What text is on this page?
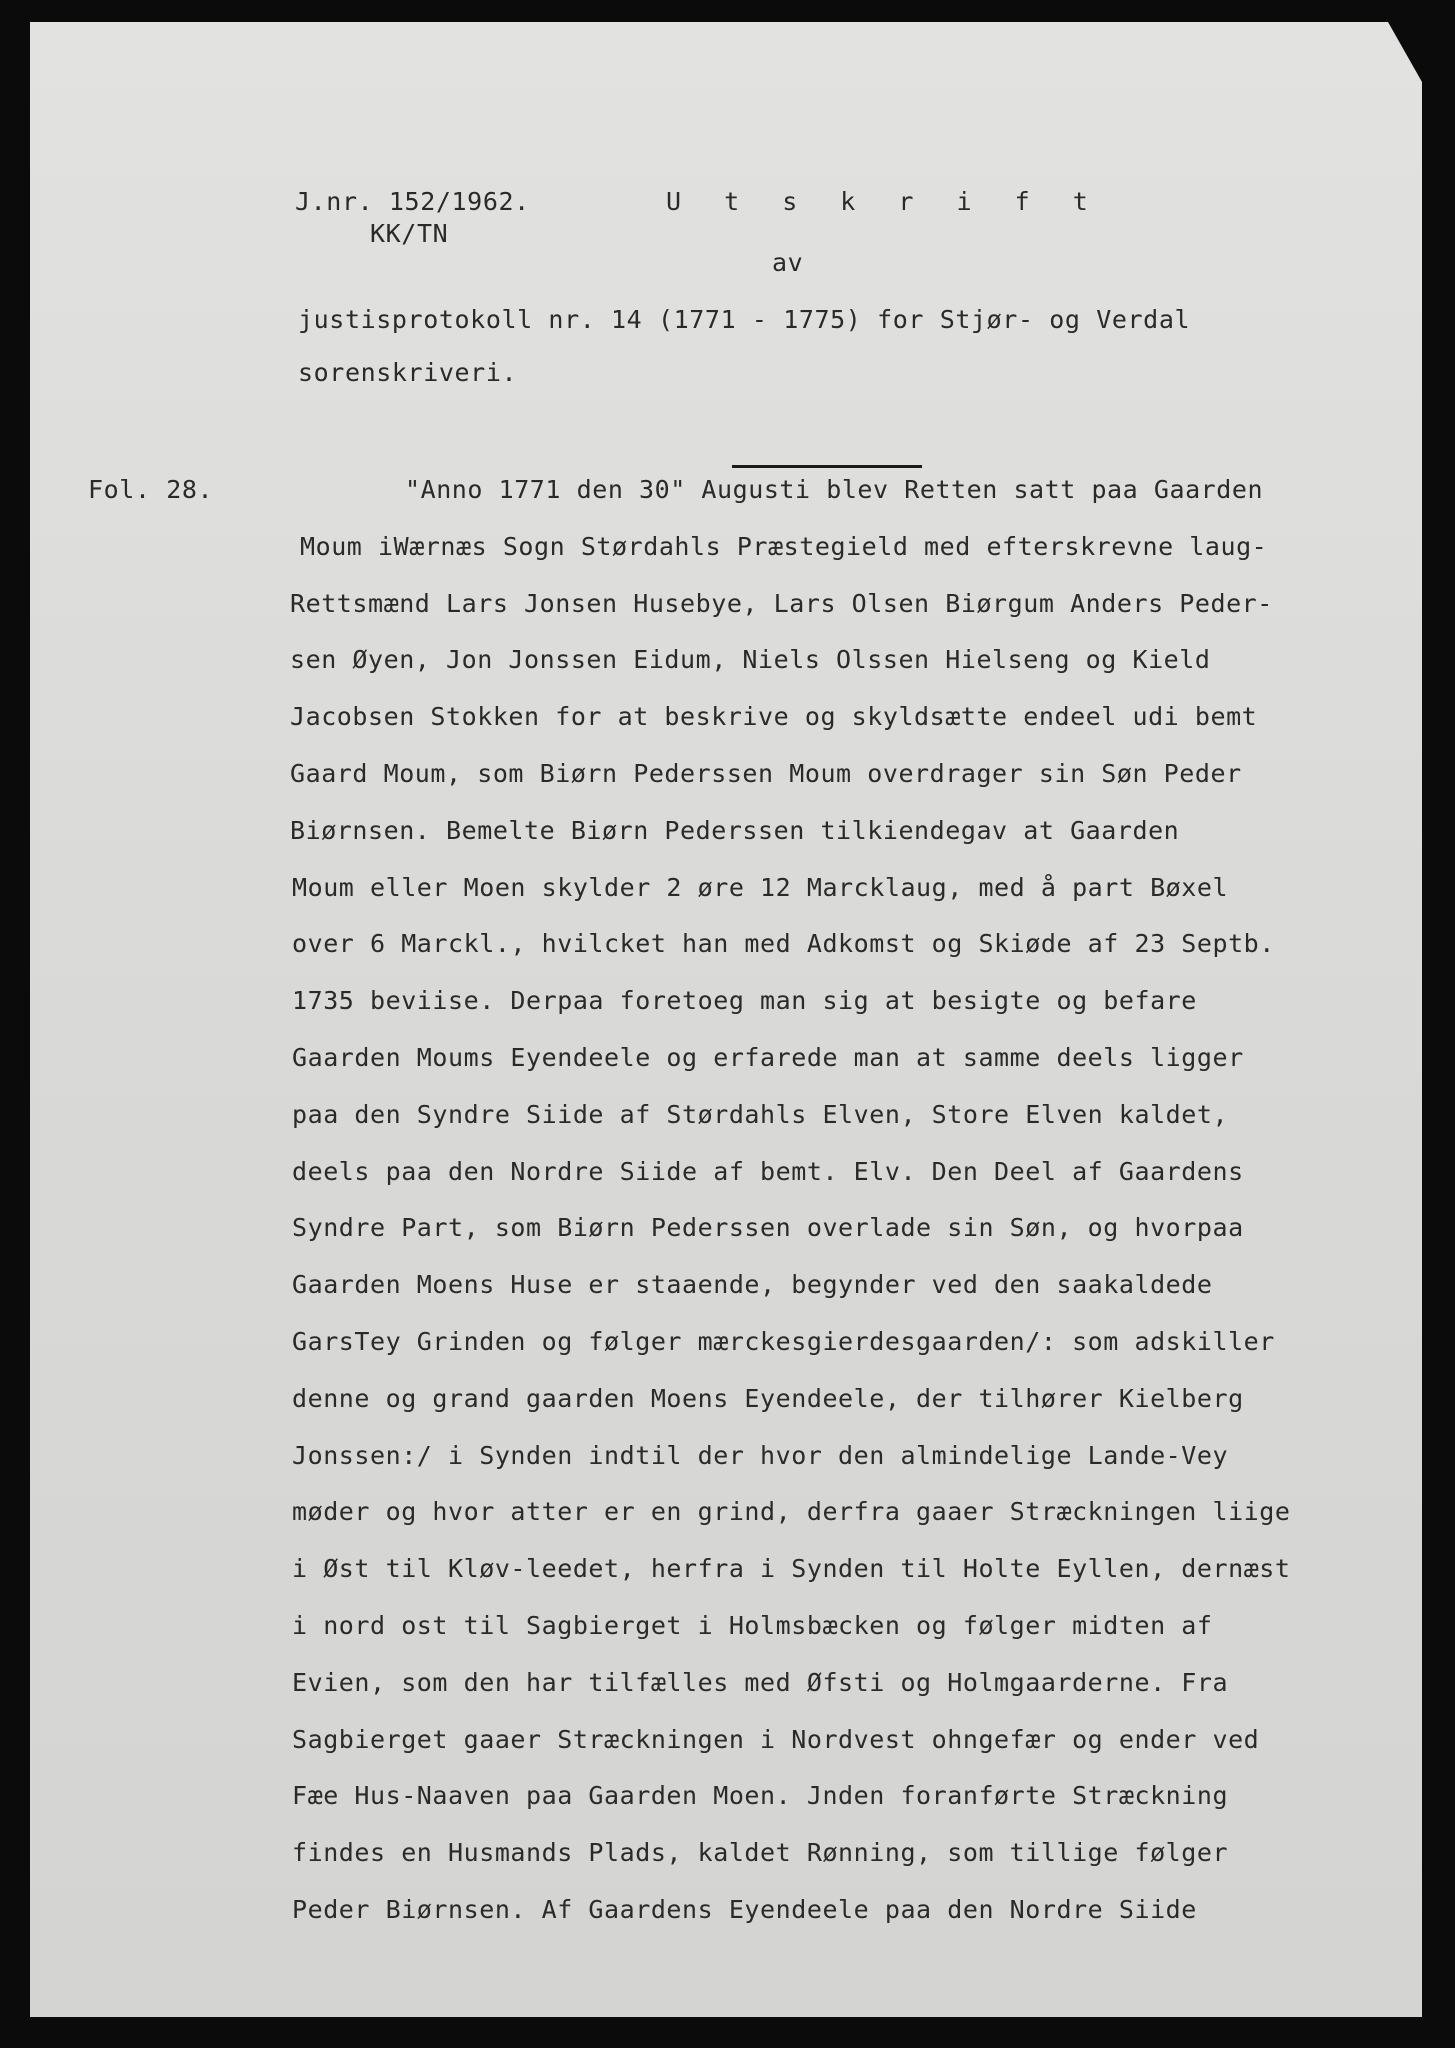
J.nr. 152/1962.
KK/TN
U t s k r i f t
av
justisprotokoll nr. 14 (1771 - 1775) for Stjør- og Verdal
sorenskriveri.
Fol. 28.	"Anno 1771 den 30" Augusti blev Retten satt paa Gaarden
Moum iWærnæs Sogn Størdahls Præstegield med efterskrevne laug-
Rettsmænd Lars Jonsen Husebye, Lars Olsen Biørgum Anders Peder-
sen Øyen, Jon Jonssen Eidum, Niels Olssen Hielseng og Kield
Jacobsen Stokken for at beskrive og skyldsætte endeel udi bemt
Gaard Moum, som Biørn Pederssen Moum overdrager sin Søn Peder
Biørnsen. Bemelte Biørn Pederssen tilkiendegav at Gaarden
Moum eller Moen skylder 2 øre 12 Marcklaug, med å part Bøxel
over 6 Marckl., hvilcket han med Adkomst og Skiøde af 23 Septb.
1735 beviise. Derpaa foretoeg man sig at besigte og befare
Gaarden Moums Eyendeele og erfarede man at samme deels ligger
paa den Syndre Siide af Størdahls Elven, Store Elven kaldet,
deels paa den Nordre Siide af bemt. Elv. Den Deel af Gaardens
Syndre Part, som Biørn Pederssen overlade sin Søn, og hvorpaa
Gaarden Moens Huse er staaende, begynder ved den saakaldede
GarsTey Grinden og følger mærckesgierdesgaarden/: som adskiller
denne og grand gaarden Moens Eyendeele, der tilhører Kielberg
Jonssen:/ i Synden indtil der hvor den almindelige Lande-Vey
møder og hvor atter er en grind, derfra gaaer Stræckningen liige
i Øst til Kløv-leedet, herfra i Synden til Holte Eyllen, dernæst
i nord ost til Sagbierget i Holmsbæcken og følger midten af
Evien, som den har tilfælles med Øfsti og Holmgaarderne. Fra
Sagbierget gaaer Stræckningen i Nordvest ohngefær og ender ved
Fæe Hus-Naaven paa Gaarden Moen. Jnden foranførte Stræckning
findes en Husmands Plads, kaldet Rønning, som tillige følger
Peder Biørnsen. Af Gaardens Eyendeele paa den Nordre Siide
